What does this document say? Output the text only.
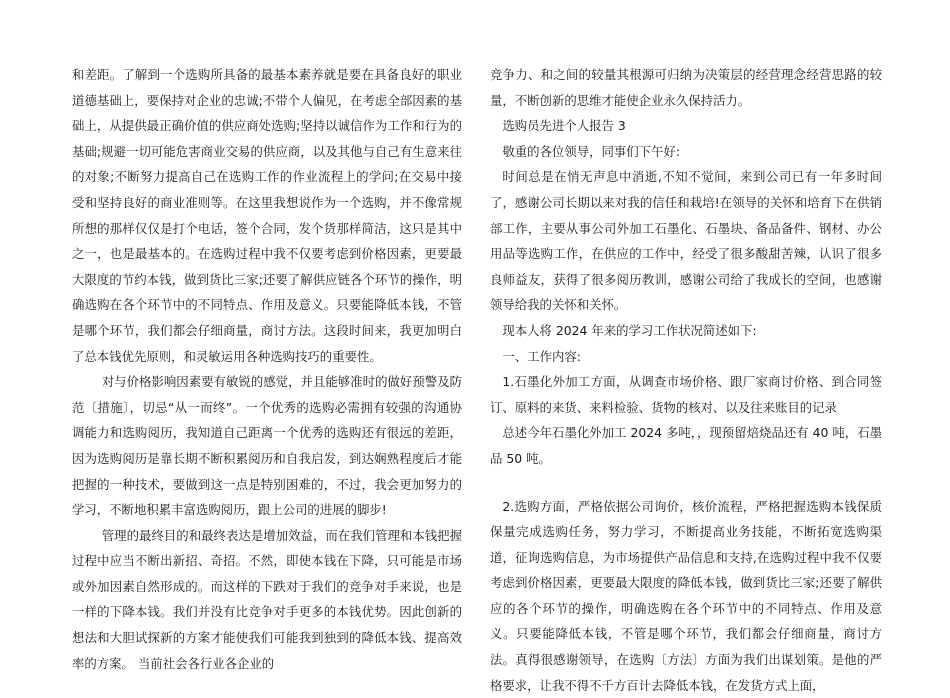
和差距。了解到一个选购所具备的最基本素养就是要在具备良好的职业道德基础上，要保持对企业的忠诚;不带个人偏见，在考虑全部因素的基础上，从提供最正确价值的供应商处选购;坚持以诚信作为工作和行为的基础;规避一切可能危害商业交易的供应商，以及其他与自己有生意来往的对象;不断努力提高自己在选购工作的作业流程上的学问;在交易中接受和坚持良好的商业准则等。在这里我想说作为一个选购，并不像常规所想的那样仅仅是打个电话，签个合同，发个货那样简洁，这只是其中之一，也是最基本的。在选购过程中我不仅要考虑到价格因素，更要最大限度的节约本钱，做到货比三家;还要了解供应链各个环节的操作，明确选购在各个环节中的不同特点、作用及意义。只要能降低本钱，不管是哪个环节，我们都会仔细商量，商讨方法。这段时间来，我更加明白了总本钱优先原则，和灵敏运用各种选购技巧的重要性。

对与价格影响因素要有敏锐的感觉，并且能够准时的做好预警及防范〔措施〕，切忌“从一而终”。一个优秀的选购必需拥有较强的沟通协调能力和选购阅历，我知道自己距离一个优秀的选购还有很远的差距，因为选购阅历是靠长期不断积累阅历和自我启发，到达娴熟程度后才能把握的一种技术，要做到这一点是特别困难的，不过，我会更加努力的学习，不断地积累丰富选购阅历，跟上公司的进展的脚步!

管理的最终目的和最终表达是增加效益，而在我们管理和本钱把握过程中应当不断出新招、奇招。不然，即使本钱在下降，只可能是市场或外加因素自然形成的。而这样的下跌对于我们的竞争对手来说，也是一样的下降本钱。我们并没有比竞争对手更多的本钱优势。因此创新的想法和大胆试探新的方案才能使我们可能我到独到的降低本钱、提高效率的方案。 当前社会各行业各企业的

竞争力、和之间的较量其根源可归纳为决策层的经营理念经营思路的较量，不断创新的思维才能使企业永久保持活力。

选购员先进个人报告 3

敬重的各位领导，同事们下午好:

时间总是在悄无声息中消逝,不知不觉间，来到公司已有一年多时间了，感谢公司长期以来对我的信任和栽培!在领导的关怀和培育下在供销部工作，主要从事公司外加工石墨化、石墨块、备品备件、钢材、办公用品等选购工作，在供应的工作中，经受了很多酸甜苦辣，认识了很多良师益友，获得了很多阅历教训，感谢公司给了我成长的空间，也感谢领导给我的关怀和关怀。

现本人将 2024 年来的学习工作状况简述如下:

一、工作内容:

1.石墨化外加工方面，从调查市场价格、跟厂家商讨价格、到合同签订、原料的来货、来料检验、货物的核对、以及往来账目的记录

总述今年石墨化外加工 2024 多吨，，现预留焙烧品还有 40 吨，石墨品 50 吨。

2.选购方面，严格依据公司询价，核价流程，严格把握选购本钱保质保量完成选购任务，努力学习，不断提高业务技能，不断拓宽选购渠道，征询选购信息，为市场提供产品信息和支持,在选购过程中我不仅要考虑到价格因素，更要最大限度的降低本钱，做到货比三家;还要了解供应的各个环节的操作，明确选购在各个环节中的不同特点、作用及意义。只要能降低本钱，不管是哪个环节，我们都会仔细商量，商讨方法。真得很感谢领导，在选购〔方法〕方面为我们出谋划策。是他的严格要求，让我不得不千方百计去降低本钱，在发货方式上面，
